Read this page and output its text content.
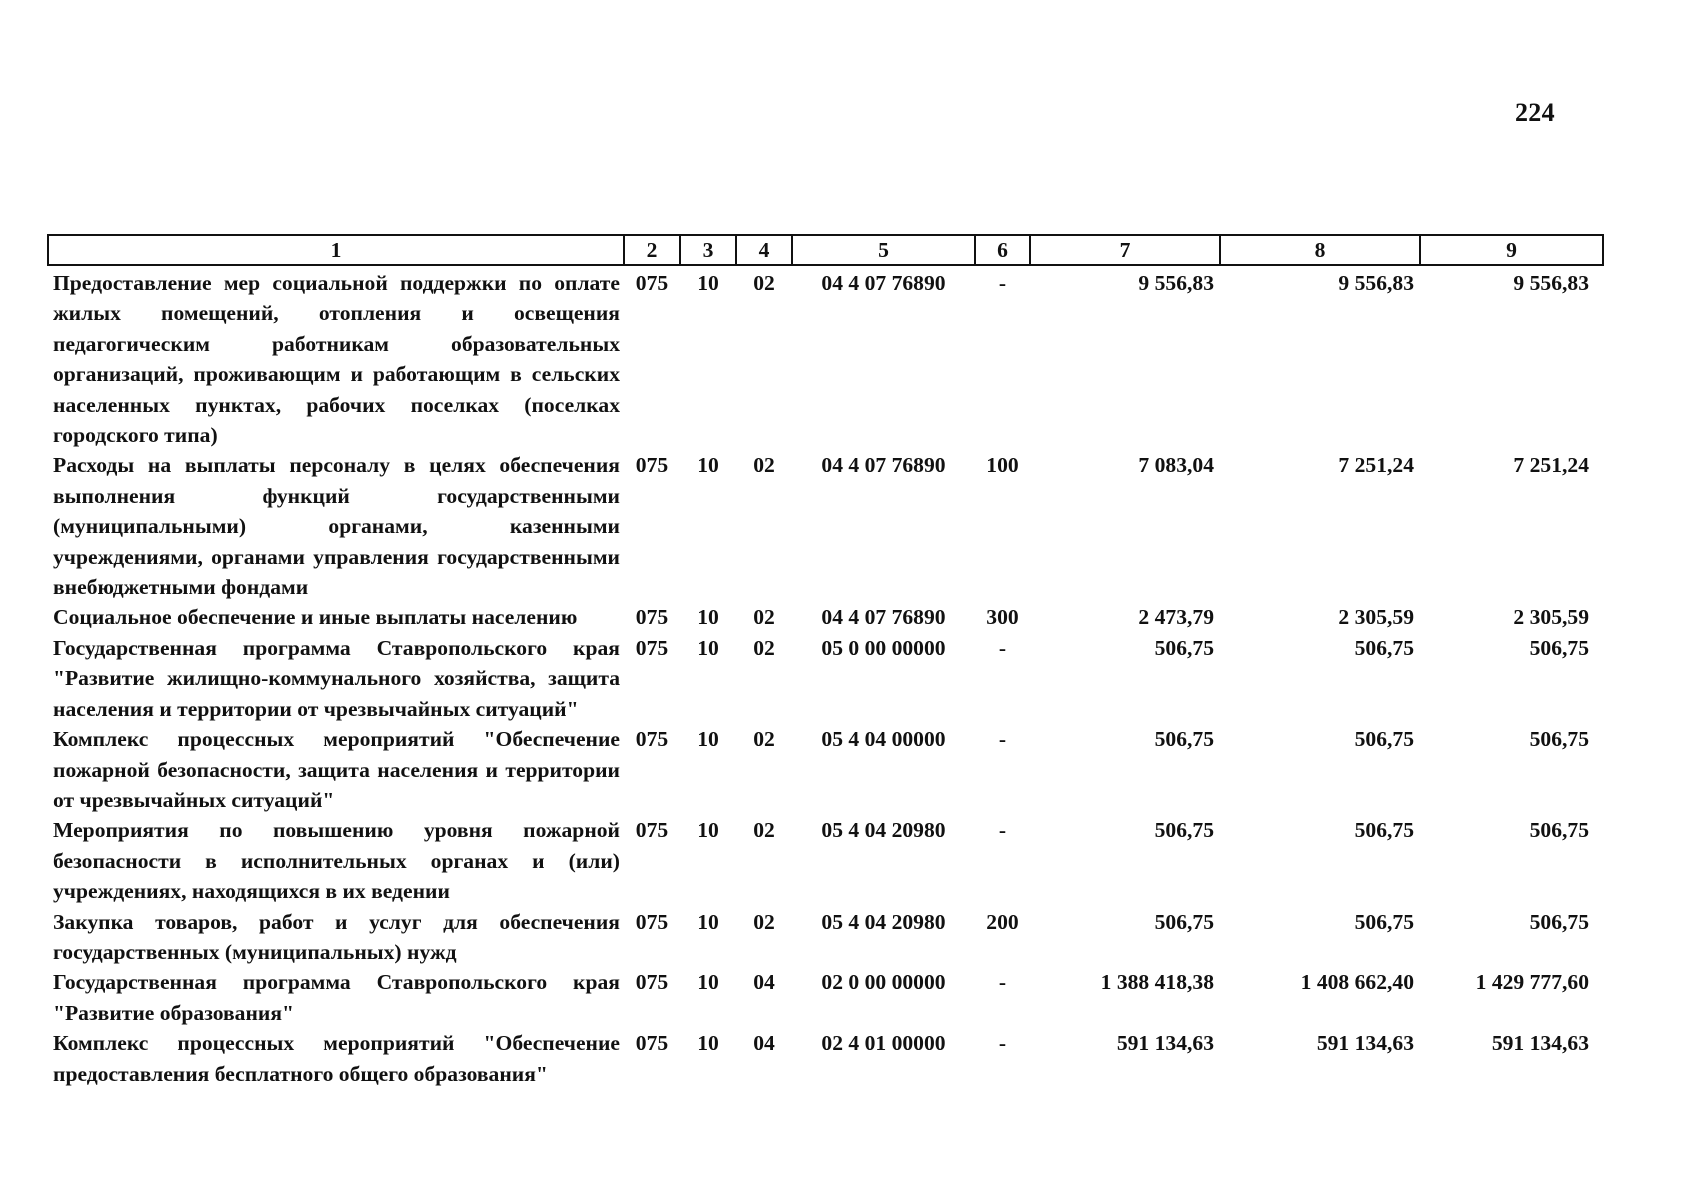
224
1	2	3	4	5	6	7	8	9
Предоставление мер социальной поддержки по оплате жилых помещений, отопления и освещения педагогическим работникам образовательных организаций, проживающим и работающим в сельских населенных пунктах, рабочих поселках (поселках городского типа)	075	10	02	04 4 07 76890	-	9 556,83	9 556,83	9 556,83
Расходы на выплаты персоналу в целях обеспечения выполнения функций государственными (муниципальными) органами, казенными учреждениями, органами управления государственными внебюджетными фондами	075	10	02	04 4 07 76890	100	7 083,04	7 251,24	7 251,24
Социальное обеспечение и иные выплаты населению	075	10	02	04 4 07 76890	300	2 473,79	2 305,59	2 305,59
Государственная программа Ставропольского края "Развитие жилищно-коммунального хозяйства, защита населения и территории от чрезвычайных ситуаций"	075	10	02	05 0 00 00000	-	506,75	506,75	506,75
Комплекс процессных мероприятий "Обеспечение пожарной безопасности, защита населения и территории от чрезвычайных ситуаций"	075	10	02	05 4 04 00000	-	506,75	506,75	506,75
Мероприятия по повышению уровня пожарной безопасности в исполнительных органах и (или) учреждениях, находящихся в их ведении	075	10	02	05 4 04 20980	-	506,75	506,75	506,75
Закупка товаров, работ и услуг для обеспечения государственных (муниципальных) нужд	075	10	02	05 4 04 20980	200	506,75	506,75	506,75
Государственная программа Ставропольского края "Развитие образования"	075	10	04	02 0 00 00000	-	1 388 418,38	1 408 662,40	1 429 777,60
Комплекс процессных мероприятий "Обеспечение предоставления бесплатного общего образования"	075	10	04	02 4 01 00000	-	591 134,63	591 134,63	591 134,63
